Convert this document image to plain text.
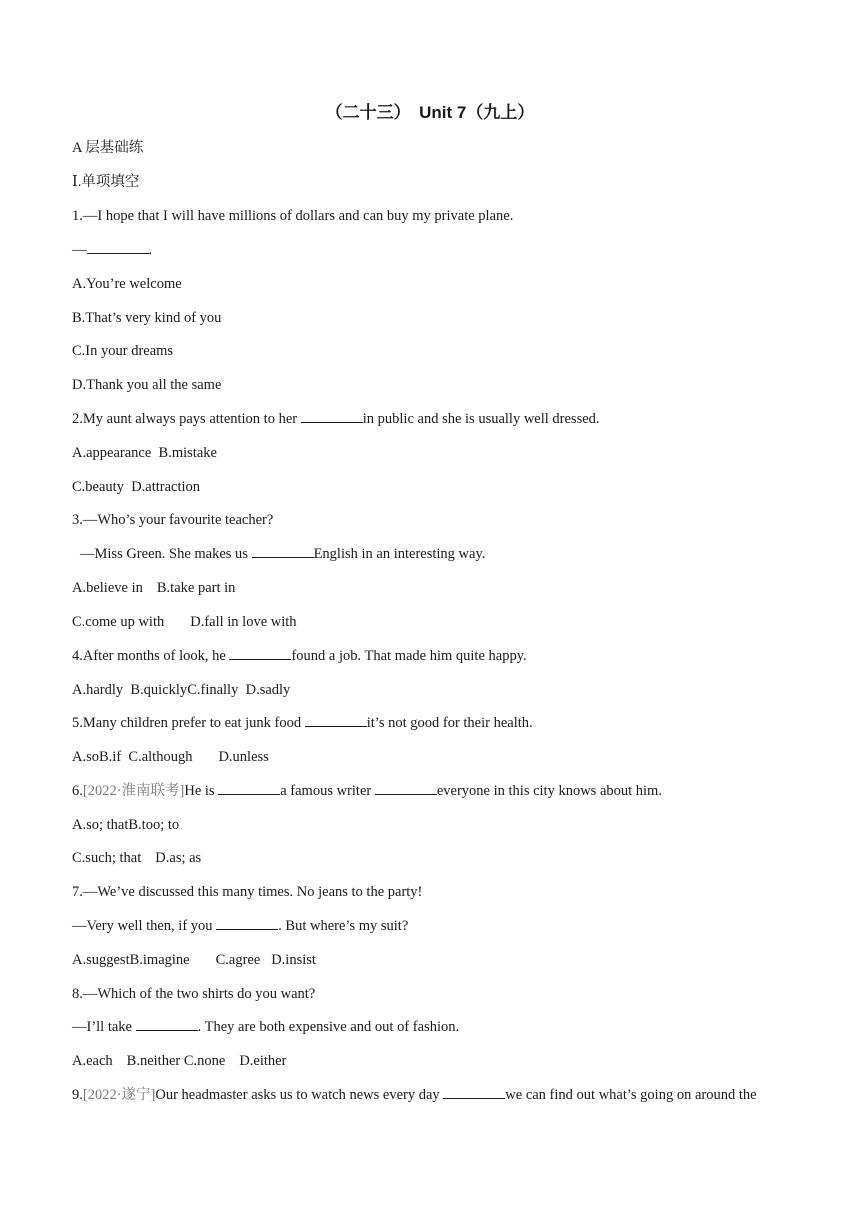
（二十三）　Unit 7（九上）
A 层基础练
Ⅰ.单项填空
1.—I hope that I will have millions of dollars and can buy my private plane.
—	.
A.You’re welcome
B.That’s very kind of you
C.In your dreams
D.Thank you all the same
2.My aunt always pays attention to her	in public and she is usually well dressed.
A.appearance B.mistake
C.beauty D.attraction
3.—Who’s your favourite teacher?
—Miss Green. She makes us	English in an interesting way.
A.believe in B.take part in
C.come up with D.fall in love with
4.After months of look, he	found a job. That made him quite happy.
A.hardly B.quicklyC.finally D.sadly
5.Many children prefer to eat junk food	it’s not good for their health.
A.soB.if C.although D.unless
6.[2022·淮南联考]He is	a famous writer	everyone in this city knows about him.
A.so; thatB.too; to
C.such; that D.as; as
7.—We’ve discussed this many times. No jeans to the party!
—Very well then, if you	. But where’s my suit?
A.suggestB.imagine C.agree D.insist
8.—Which of the two shirts do you want?
—I’ll take	. They are both expensive and out of fashion.
A.each B.neither C.none D.either
9.[2022·遂宁]Our headmaster asks us to watch news every day	we can find out what’s going on around the
